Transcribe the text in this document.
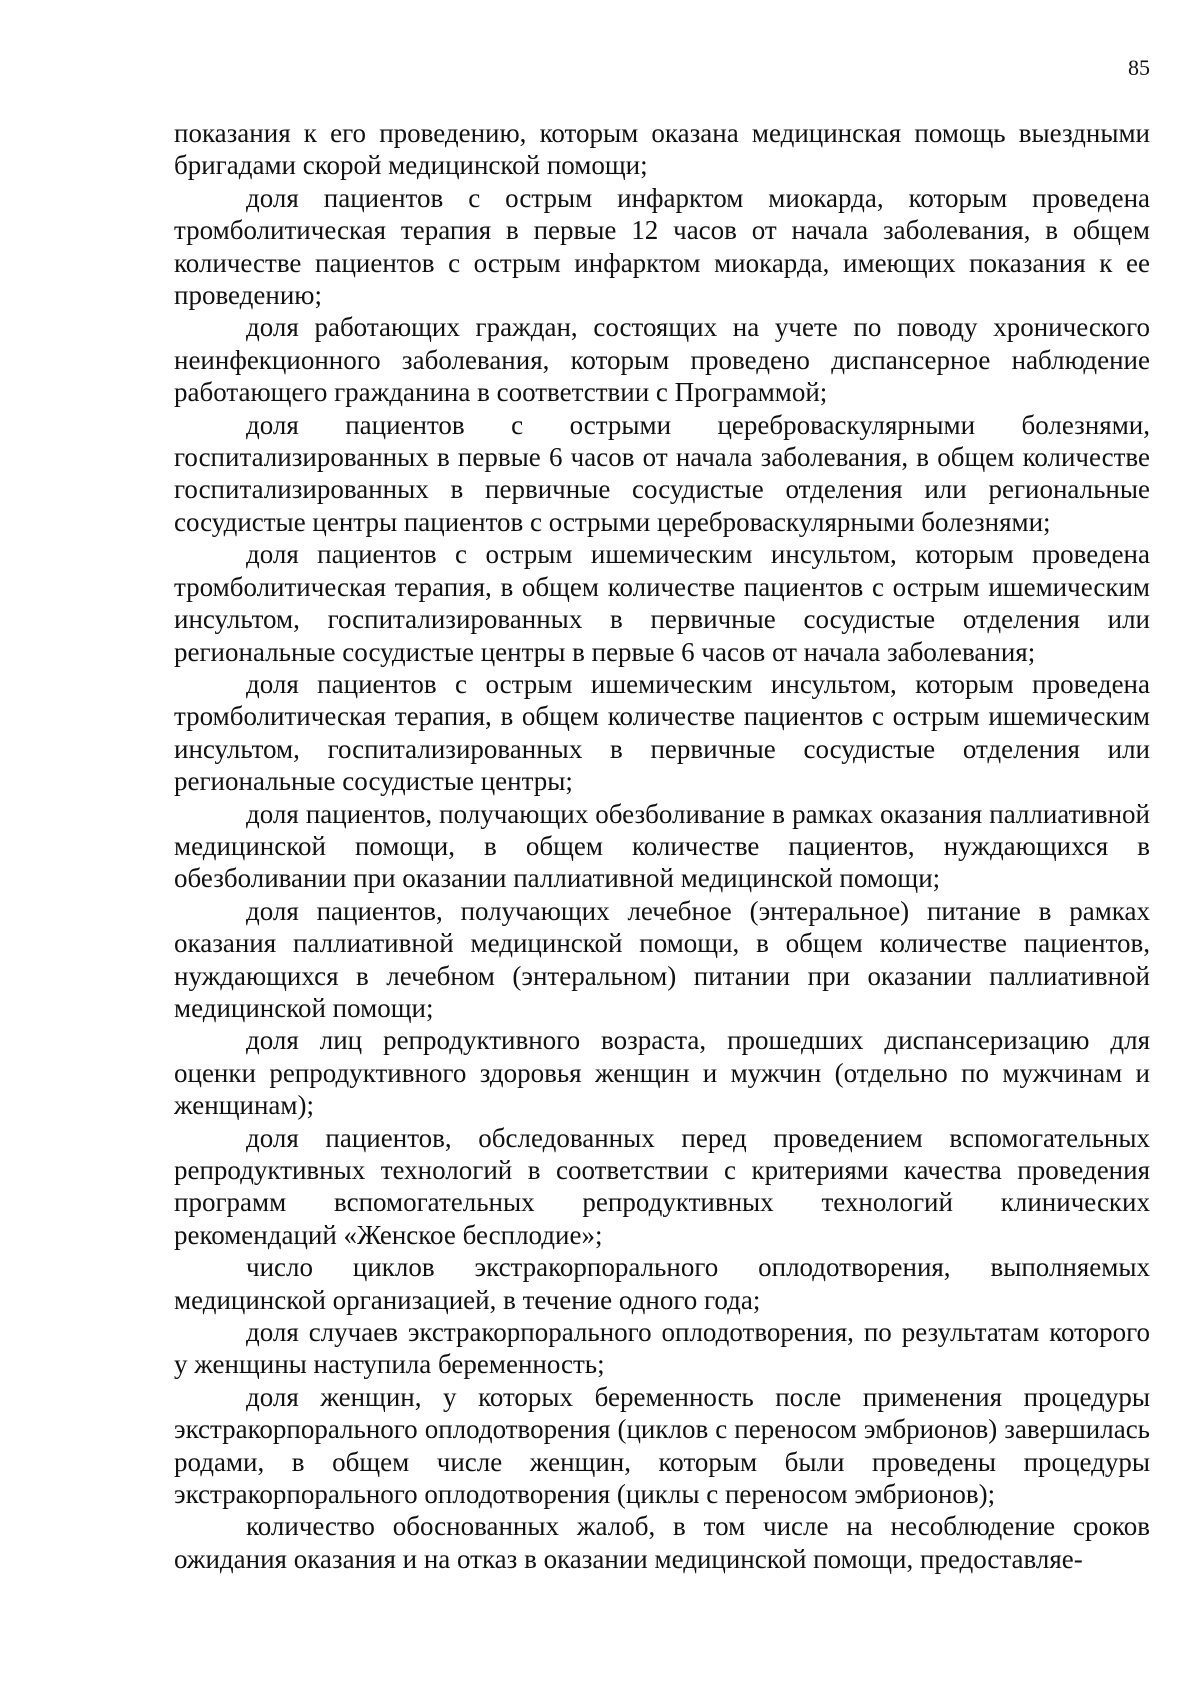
85

показания к его проведению, которым оказана медицинская помощь выездными бригадами скорой медицинской помощи;

доля пациентов с острым инфарктом миокарда, которым проведена тромболитическая терапия в первые 12 часов от начала заболевания, в общем количестве пациентов с острым инфарктом миокарда, имеющих показания к ее проведению;

доля работающих граждан, состоящих на учете по поводу хронического неинфекционного заболевания, которым проведено диспансерное наблюдение работающего гражданина в соответствии с Программой;

доля пациентов с острыми цереброваскулярными болезнями, госпитализированных в первые 6 часов от начала заболевания, в общем количестве госпитализированных в первичные сосудистые отделения или региональные сосудистые центры пациентов с острыми цереброваскулярными болезнями;

доля пациентов с острым ишемическим инсультом, которым проведена тромболитическая терапия, в общем количестве пациентов с острым ишемическим инсультом, госпитализированных в первичные сосудистые отделения или региональные сосудистые центры в первые 6 часов от начала заболевания;

доля пациентов с острым ишемическим инсультом, которым проведена тромболитическая терапия, в общем количестве пациентов с острым ишемическим инсультом, госпитализированных в первичные сосудистые отделения или региональные сосудистые центры;

доля пациентов, получающих обезболивание в рамках оказания паллиативной медицинской помощи, в общем количестве пациентов, нуждающихся в обезболивании при оказании паллиативной медицинской помощи;

доля пациентов, получающих лечебное (энтеральное) питание в рамках оказания паллиативной медицинской помощи, в общем количестве пациентов, нуждающихся в лечебном (энтеральном) питании при оказании паллиативной медицинской помощи;

доля лиц репродуктивного возраста, прошедших диспансеризацию для оценки репродуктивного здоровья женщин и мужчин (отдельно по мужчинам и женщинам);

доля пациентов, обследованных перед проведением вспомогательных репродуктивных технологий в соответствии с критериями качества проведения программ вспомогательных репродуктивных технологий клинических рекомендаций «Женское бесплодие»;

число циклов экстракорпорального оплодотворения, выполняемых медицинской организацией, в течение одного года;

доля случаев экстракорпорального оплодотворения, по результатам которого у женщины наступила беременность;

доля женщин, у которых беременность после применения процедуры экстракорпорального оплодотворения (циклов с переносом эмбрионов) завершилась родами, в общем числе женщин, которым были проведены процедуры экстракорпорального оплодотворения (циклы с переносом эмбрионов);

количество обоснованных жалоб, в том числе на несоблюдение сроков ожидания оказания и на отказ в оказании медицинской помощи, предоставляе-
